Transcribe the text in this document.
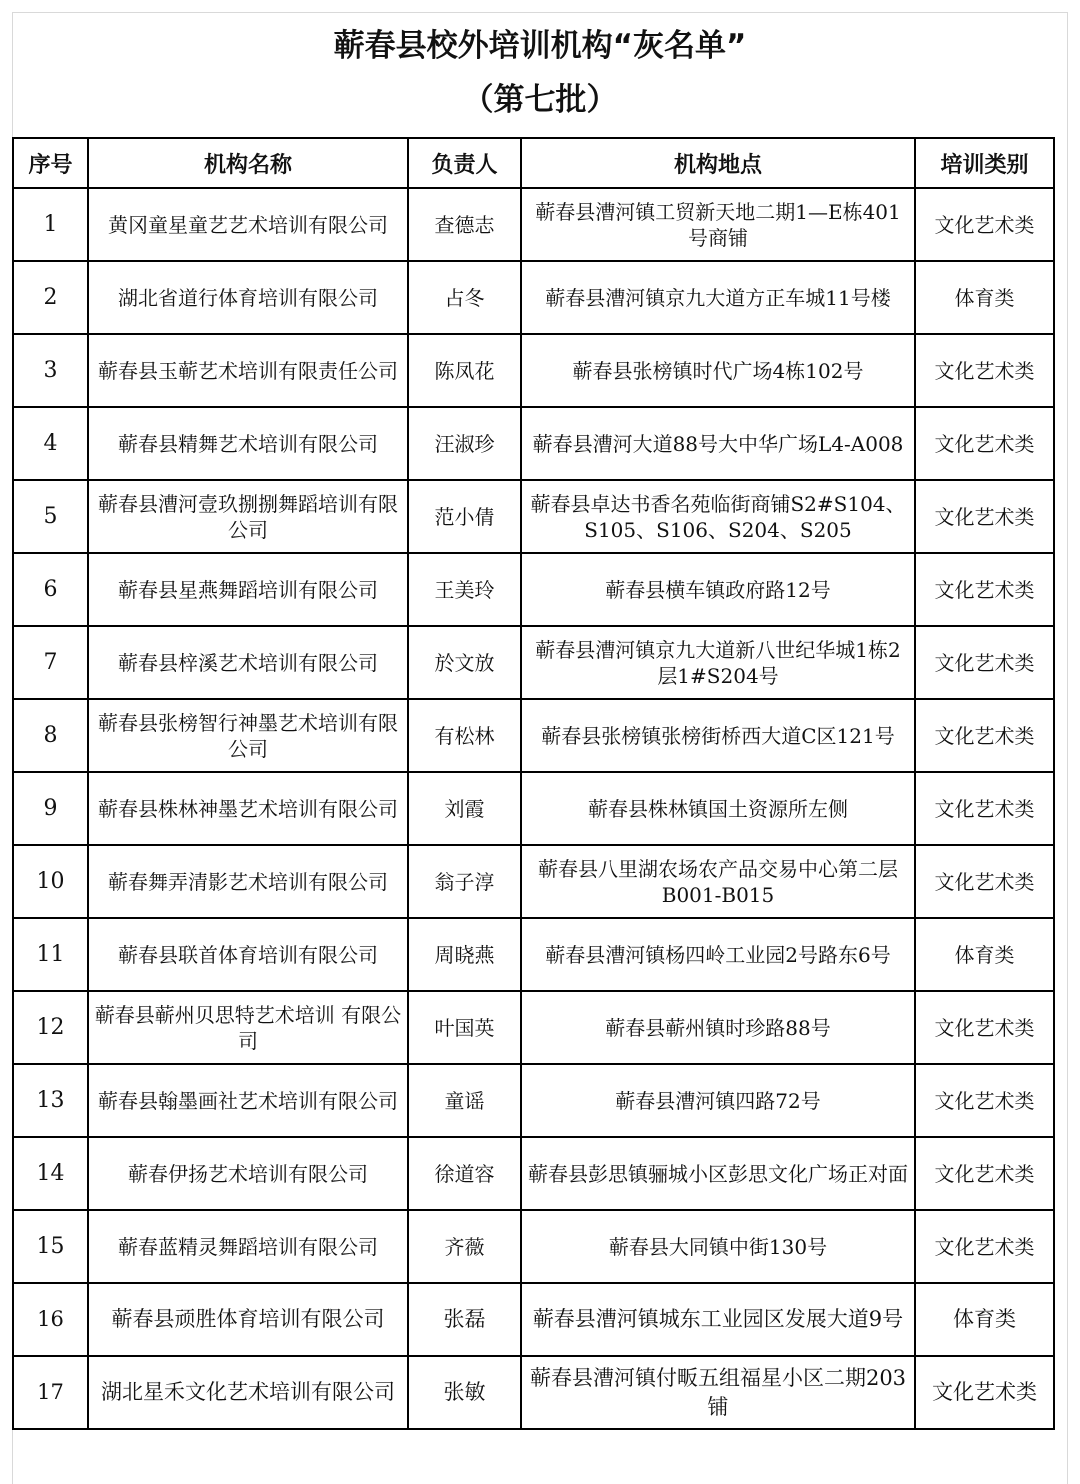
蕲春县校外培训机构“灰名单”
（第七批）
序号	机构名称	负责人	机构地点	培训类别
1	黄冈童星童艺艺术培训有限公司	查德志	蕲春县漕河镇工贸新天地二期1—E栋401号商铺	文化艺术类
2	湖北省道行体育培训有限公司	占冬	蕲春县漕河镇京九大道方正车城11号楼	体育类
3	蕲春县玉蕲艺术培训有限责任公司	陈凤花	蕲春县张榜镇时代广场4栋102号	文化艺术类
4	蕲春县精舞艺术培训有限公司	汪淑珍	蕲春县漕河大道88号大中华广场L4-A008	文化艺术类
5	蕲春县漕河壹玖捌捌舞蹈培训有限公司	范小倩	蕲春县卓达书香名苑临街商铺S2#S104、S105、S106、S204、S205	文化艺术类
6	蕲春县星燕舞蹈培训有限公司	王美玲	蕲春县横车镇政府路12号	文化艺术类
7	蕲春县梓溪艺术培训有限公司	於文放	蕲春县漕河镇京九大道新八世纪华城1栋2层1#S204号	文化艺术类
8	蕲春县张榜智行神墨艺术培训有限公司	有松林	蕲春县张榜镇张榜街桥西大道C区121号	文化艺术类
9	蕲春县株林神墨艺术培训有限公司	刘霞	蕲春县株林镇国土资源所左侧	文化艺术类
10	蕲春舞弄清影艺术培训有限公司	翁子淳	蕲春县八里湖农场农产品交易中心第二层B001-B015	文化艺术类
11	蕲春县联首体育培训有限公司	周晓燕	蕲春县漕河镇杨四岭工业园2号路东6号	体育类
12	蕲春县蕲州贝思特艺术培训 有限公司	叶国英	蕲春县蕲州镇时珍路88号	文化艺术类
13	蕲春县翰墨画社艺术培训有限公司	童谣	蕲春县漕河镇四路72号	文化艺术类
14	蕲春伊扬艺术培训有限公司	徐道容	蕲春县彭思镇骊城小区彭思文化广场正对面	文化艺术类
15	蕲春蓝精灵舞蹈培训有限公司	齐薇	蕲春县大同镇中街130号	文化艺术类
16	蕲春县顽胜体育培训有限公司	张磊	蕲春县漕河镇城东工业园区发展大道9号	体育类
17	湖北星禾文化艺术培训有限公司	张敏	蕲春县漕河镇付畈五组福星小区二期203铺	文化艺术类
